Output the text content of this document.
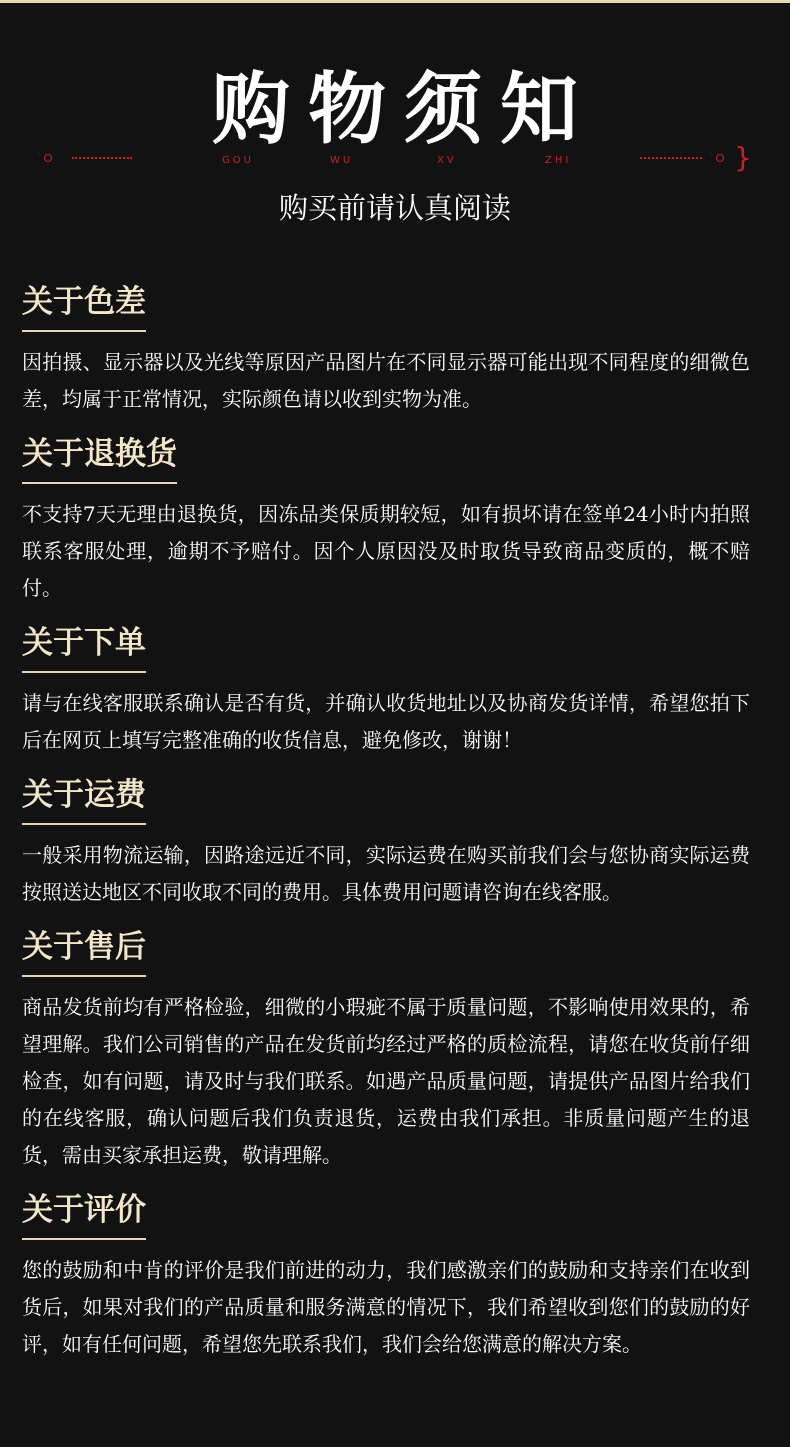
购物须知
GOU	WU	XV	ZHI	}
购买前请认真阅读
关于色差

因拍摄、显示器以及光线等原因产品图片在不同显示器可能出现不同程度的细微色差，均属于正常情况，实际颜色请以收到实物为准。

关于退换货

不支持7天无理由退换货，因冻品类保质期较短，如有损坏请在签单24小时内拍照联系客服处理，逾期不予赔付。因个人原因没及时取货导致商品变质的，概不赔付。

关于下单

请与在线客服联系确认是否有货，并确认收货地址以及协商发货详情，希望您拍下后在网页上填写完整准确的收货信息，避免修改，谢谢！

关于运费

一般采用物流运输，因路途远近不同，实际运费在购买前我们会与您协商实际运费按照送达地区不同收取不同的费用。具体费用问题请咨询在线客服。

关于售后

商品发货前均有严格检验，细微的小瑕疵不属于质量问题，不影响使用效果的，希望理解。我们公司销售的产品在发货前均经过严格的质检流程，请您在收货前仔细检查，如有问题，请及时与我们联系。如遇产品质量问题，请提供产品图片给我们的在线客服，确认问题后我们负责退货，运费由我们承担。非质量问题产生的退货，需由买家承担运费，敬请理解。

关于评价

您的鼓励和中肯的评价是我们前进的动力，我们感激亲们的鼓励和支持亲们在收到货后，如果对我们的产品质量和服务满意的情况下，我们希望收到您们的鼓励的好评，如有任何问题，希望您先联系我们，我们会给您满意的解决方案。
